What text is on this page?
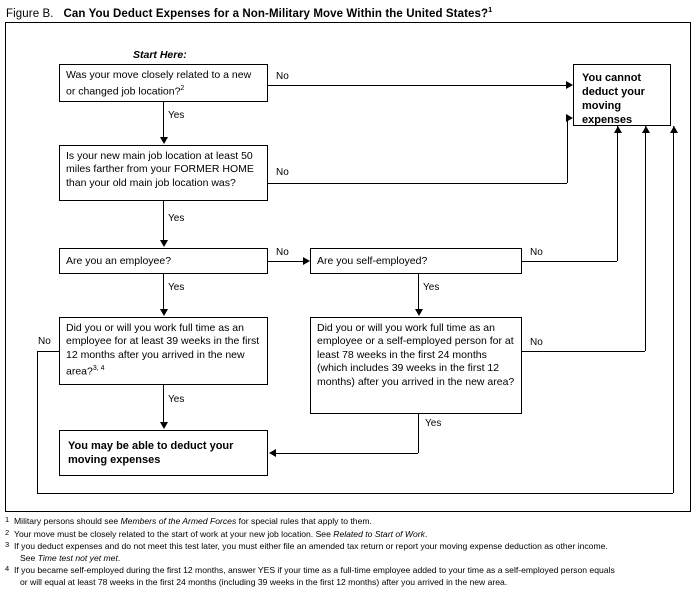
Figure B. Can You Deduct Expenses for a Non-Military Move Within the United States?$^1$
Start Here:
Was your move closely related to a new or changed job location?$^2$
Is your new main job location at least 50 miles farther from your FORMER HOME than your old main job location was?
Are you an employee?	Are you self-employed?
Did you or will you work full time as an employee for at least 39 weeks in the first 12 months after you arrived in the new area?$^{3, 4}$
Did you or will you work full time as an employee or a self-employed person for at least 78 weeks in the first 24 months (which includes 39 weeks in the first 12 months) after you arrived in the new area?
You cannot deduct your moving expenses
You may be able to deduct your moving expenses
No
Yes
No
Yes
No
Yes
No
Yes
No
Yes
No
Yes
1 Military persons should see Members of the Armed Forces for special rules that apply to them.
2 Your move must be closely related to the start of work at your new job location. See Related to Start of Work.
3 If you deduct expenses and do not meet this test later, you must either file an amended tax return or report your moving expense deduction as other income.
See Time test not yet met.
4 If you became self-employed during the first 12 months, answer YES if your time as a full-time employee added to your time as a self-employed person equals
or will equal at least 78 weeks in the first 24 months (including 39 weeks in the first 12 months) after you arrived in the new area.
